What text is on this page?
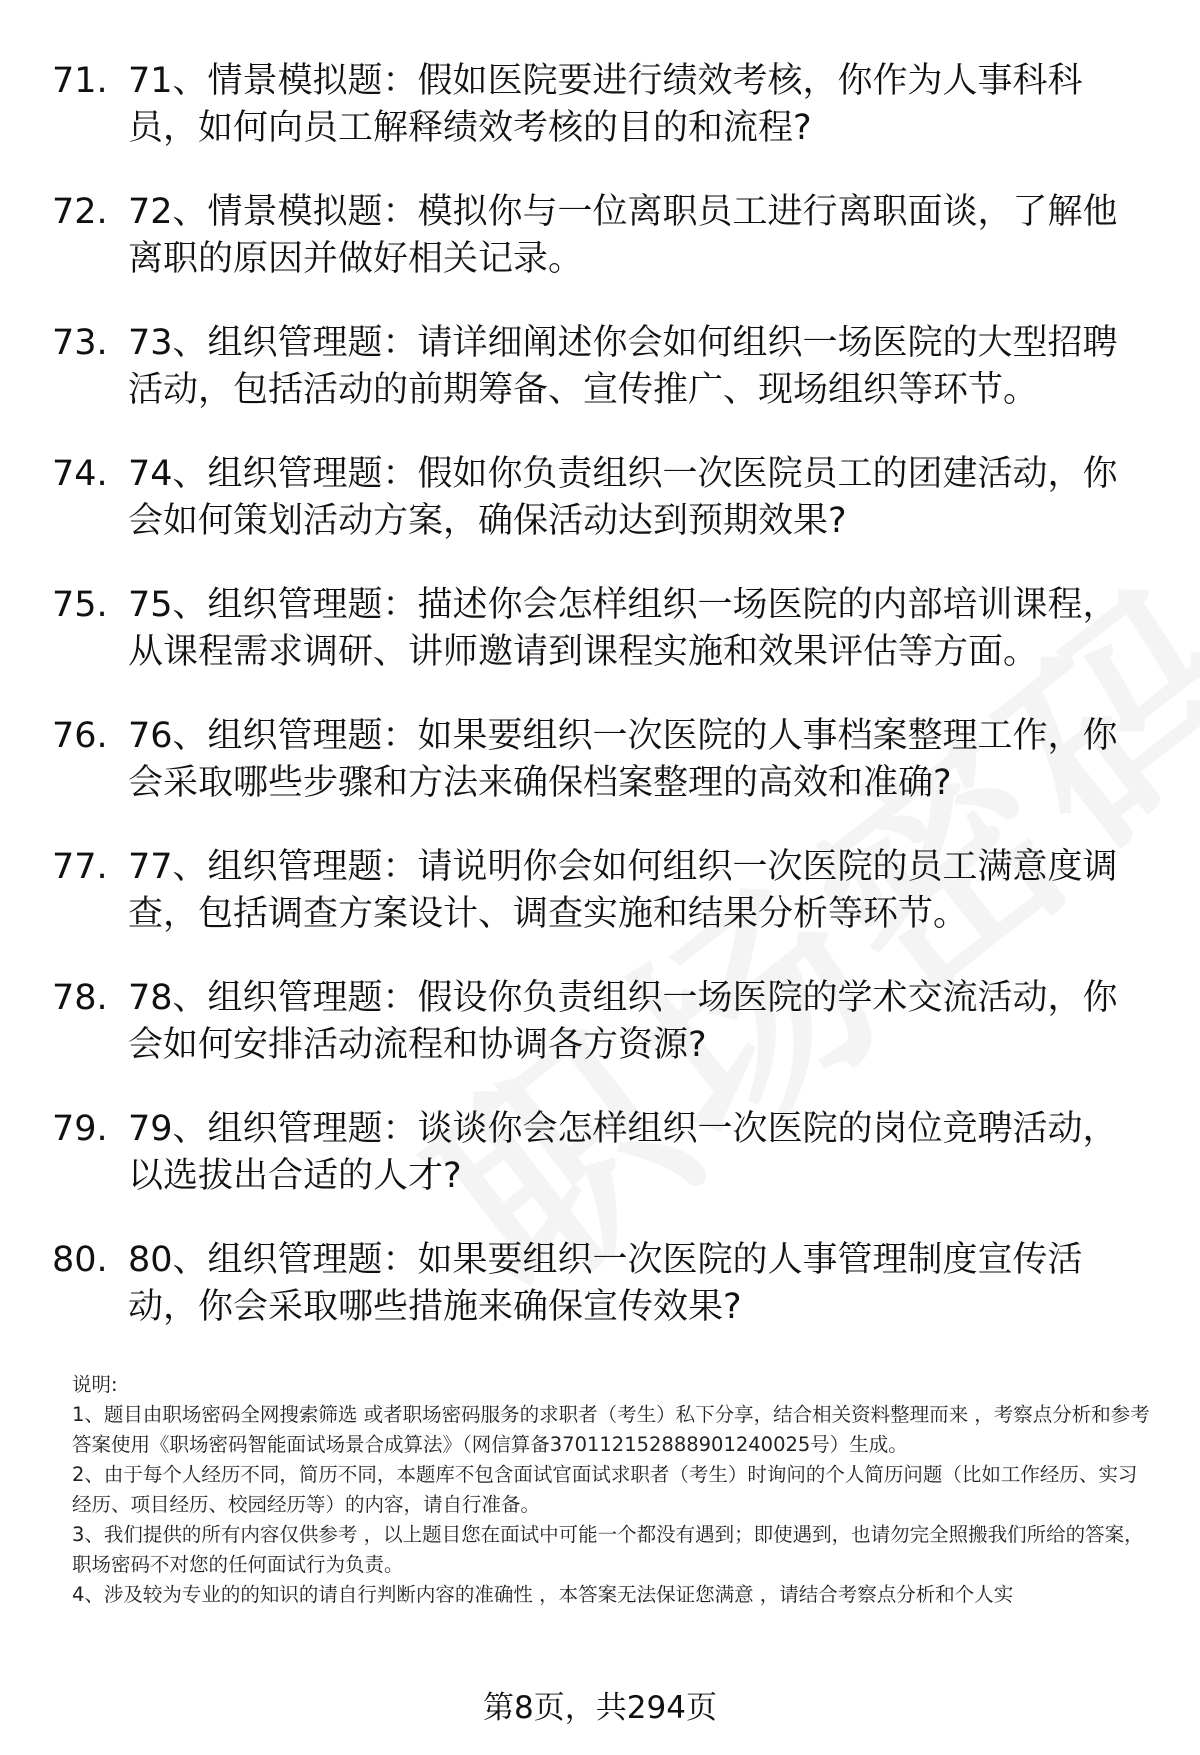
71. 71、情景模拟题：假如医院要进行绩效考核，你作为人事科科员，如何向员工解释绩效考核的目的和流程?
72. 72、情景模拟题：模拟你与一位离职员工进行离职面谈，了解他离职的原因并做好相关记录。
73. 73、组织管理题：请详细阐述你会如何组织一场医院的大型招聘活动，包括活动的前期筹备、宣传推广、现场组织等环节。
74. 74、组织管理题：假如你负责组织一次医院员工的团建活动，你会如何策划活动方案，确保活动达到预期效果?
75. 75、组织管理题：描述你会怎样组织一场医院的内部培训课程，从课程需求调研、讲师邀请到课程实施和效果评估等方面。
76. 76、组织管理题：如果要组织一次医院的人事档案整理工作，你会采取哪些步骤和方法来确保档案整理的高效和准确?
77. 77、组织管理题：请说明你会如何组织一次医院的员工满意度调查，包括调查方案设计、调查实施和结果分析等环节。
78. 78、组织管理题：假设你负责组织一场医院的学术交流活动，你会如何安排活动流程和协调各方资源?
79. 79、组织管理题：谈谈你会怎样组织一次医院的岗位竞聘活动，以选拔出合适的人才?
80. 80、组织管理题：如果要组织一次医院的人事管理制度宣传活动，你会采取哪些措施来确保宣传效果?

说明:

1、题目由职场密码全网搜索筛选 或者职场密码服务的求职者（考生）私下分享，结合相关资料整理而来 ，考察点分析和参考答案使用《职场密码智能面试场景合成算法》（网信算备370112152888901240025号）生成。

2、由于每个人经历不同，简历不同，本题库不包含面试官面试求职者（考生）时询问的个人简历问题（比如工作经历、实习经历、项目经历、校园经历等）的内容，请自行准备。

3、我们提供的所有内容仅供参考 ，以上题目您在面试中可能一个都没有遇到；即使遇到，也请勿完全照搬我们所给的答案，职场密码不对您的任何面试行为负责。

4、涉及较为专业的的知识的请自行判断内容的准确性 ，本答案无法保证您满意 ，请结合考察点分析和个人实

第8页，共294页
